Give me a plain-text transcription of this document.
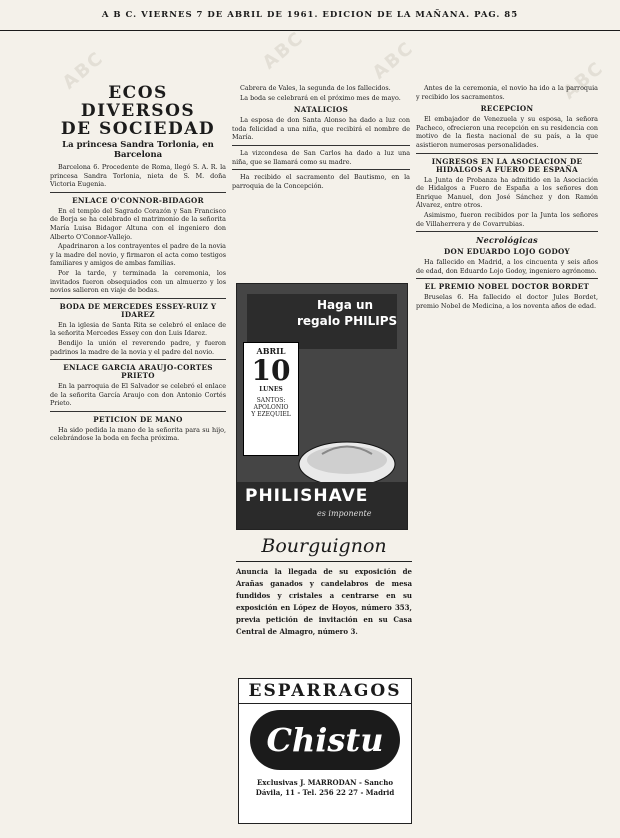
A B C. VIERNES 7 DE ABRIL DE 1961. EDICION DE LA MAÑANA. PAG. 85
ABC	ABC	ABC	ABC
ECOS DIVERSOS
DE SOCIEDAD
La princesa Sandra Torlonia, en Barcelona

Barcelona 6. Procedente de Roma, llegó S. A. R. la princesa Sandra Torlonia, nieta de S. M. doña Victoria Eugenia.

ENLACE O'CONNOR-BIDAGOR

En el templo del Sagrado Corazón y San Francisco de Borja se ha celebrado el matrimonio de la señorita María Luisa Bidagor Altuna con el ingeniero don Alberto O'Connor-Vallejo.

Apadrinaron a los contrayentes el padre de la novia y la madre del novio, y firmaron el acta como testigos familiares y amigos de ambas familias.

Por la tarde, y terminada la ceremonia, los invitados fueron obsequiados con un almuerzo y los novios salieron en viaje de bodas.

BODA DE MERCEDES ESSEY-RUIZ Y IDAREZ

En la iglesia de Santa Rita se celebró el enlace de la señorita Mercedes Essey con don Luis Idarez.

Bendijo la unión el reverendo padre, y fueron padrinos la madre de la novia y el padre del novio.

ENLACE GARCIA ARAUJO-CORTES PRIETO

En la parroquia de El Salvador se celebró el enlace de la señorita García Araujo con don Antonio Cortés Prieto.

PETICION DE MANO

Ha sido pedida la mano de la señorita para su hijo, celebrándose la boda en fecha próxima.

Cabrera de Vales, la segunda de los fallecidos.

La boda se celebrará en el próximo mes de mayo.

NATALICIOS

La esposa de don Santa Alonso ha dado a luz con toda felicidad a una niña, que recibirá el nombre de María.

La vizcondesa de San Carlos ha dado a luz una niña, que se llamará como su madre.

Ha recibido el sacramento del Bautismo, en la parroquia de la Concepción.

Haga un
regalo PHILIPS
ABRIL
10
LUNES
SANTOS:
APOLONIO
Y EZEQUIEL
PHILISHAVE
es imponente
Bourguignon
Anuncia la llegada de su exposición de Arañas ganados y candelabros de mesa fundidos y cristales a centrarse en su exposición en López de Hoyos, número 353, previa petición de invitación en su Casa Central de Almagro, número 3.
ESPARRAGOS
Chistu
Exclusivas J. MARRODAN - Sancho Dávila, 11 - Tel. 256 22 27 - Madrid

Antes de la ceremonia, el novio ha ido a la parroquia y recibido los sacramentos.

RECEPCION

El embajador de Venezuela y su esposa, la señora Pacheco, ofrecieron una recepción en su residencia con motivo de la fiesta nacional de su país, a la que asistieron numerosas personalidades.

INGRESOS EN LA ASOCIACION DE HIDALGOS A FUERO DE ESPAÑA

La Junta de Probanza ha admitido en la Asociación de Hidalgos a Fuero de España a los señores don Enrique Manuel, don José Sánchez y don Ramón Álvarez, entre otros.

Asimismo, fueron recibidos por la Junta los señores de Villaherrera y de Covarrubias.

Necrológicas
DON EDUARDO LOJO GODOY

Ha fallecido en Madrid, a los cincuenta y seis años de edad, don Eduardo Lojo Godoy, ingeniero agrónomo.

EL PREMIO NOBEL DOCTOR BORDET

Bruselas 6. Ha fallecido el doctor Jules Bordet, premio Nobel de Medicina, a los noventa años de edad.
